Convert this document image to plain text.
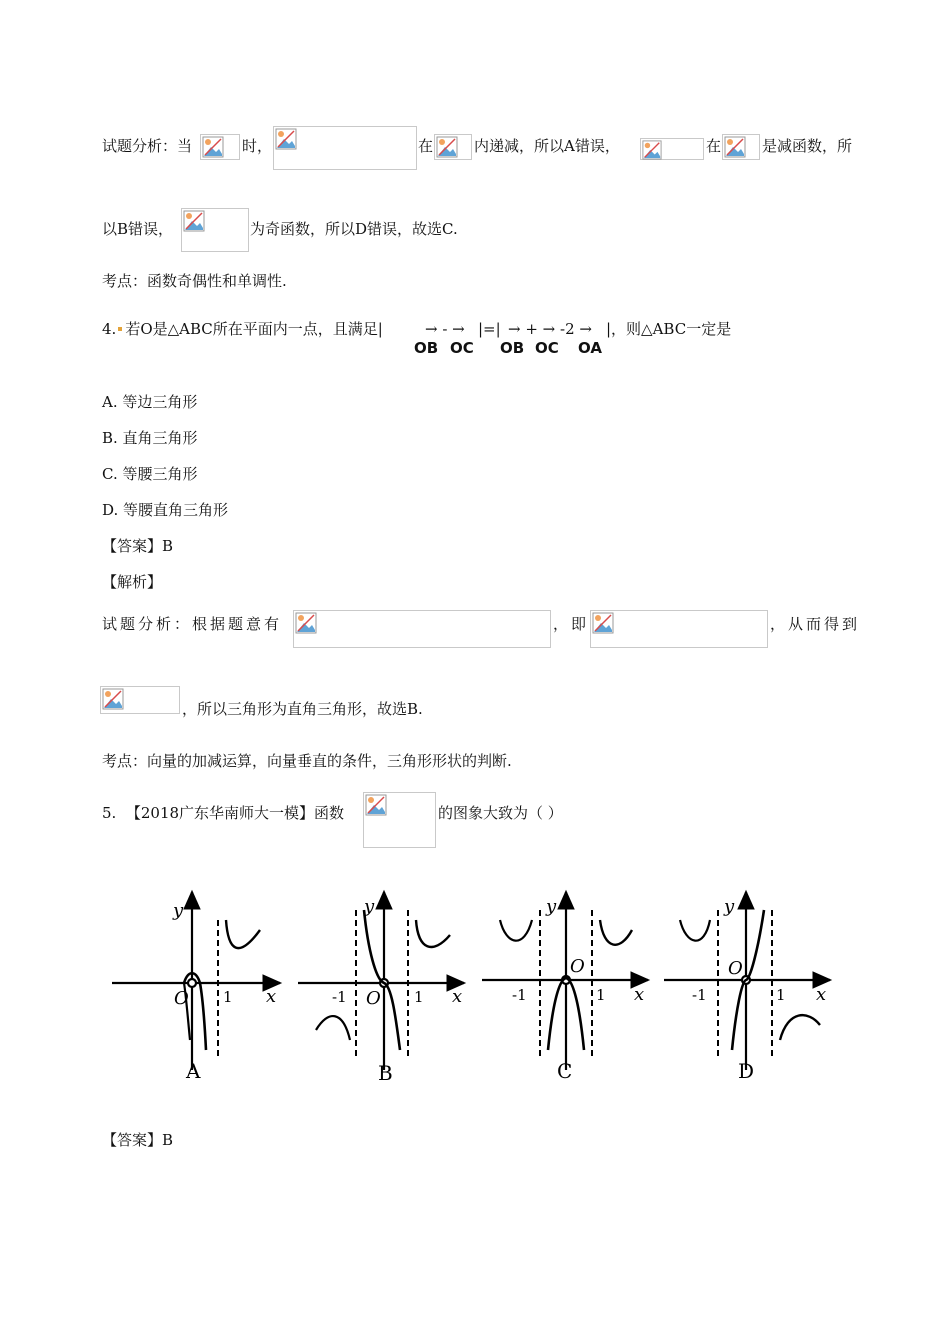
试题分析：当	时，	在	内递减，所以A错误，	在	是减函数，所
以B错误，	为奇函数，所以D错误，故选C.
考点：函数奇偶性和单调性.
4. 若O是△ABC所在平面内一点，且满足|	→ - → |=| → + → -2 → |，则△ABC一定是
OB OC OB OC OA
A. 等边三角形
B. 直角三角形
C. 等腰三角形
D. 等腰直角三角形
【答案】B
【解析】
试题分析：根据题意有	，即	，从而得到
，所以三角形为直角三角形，故选B.
考点：向量的加减运算，向量垂直的条件，三角形形状的判断.
5. 【2018广东华南师大一模】函数	的图象大致为（ ）
y
x
O 1
A
y
x
O
-1	1
B
y
x
O
-1	1
C
y
x
O
-1	1
D
【答案】B
